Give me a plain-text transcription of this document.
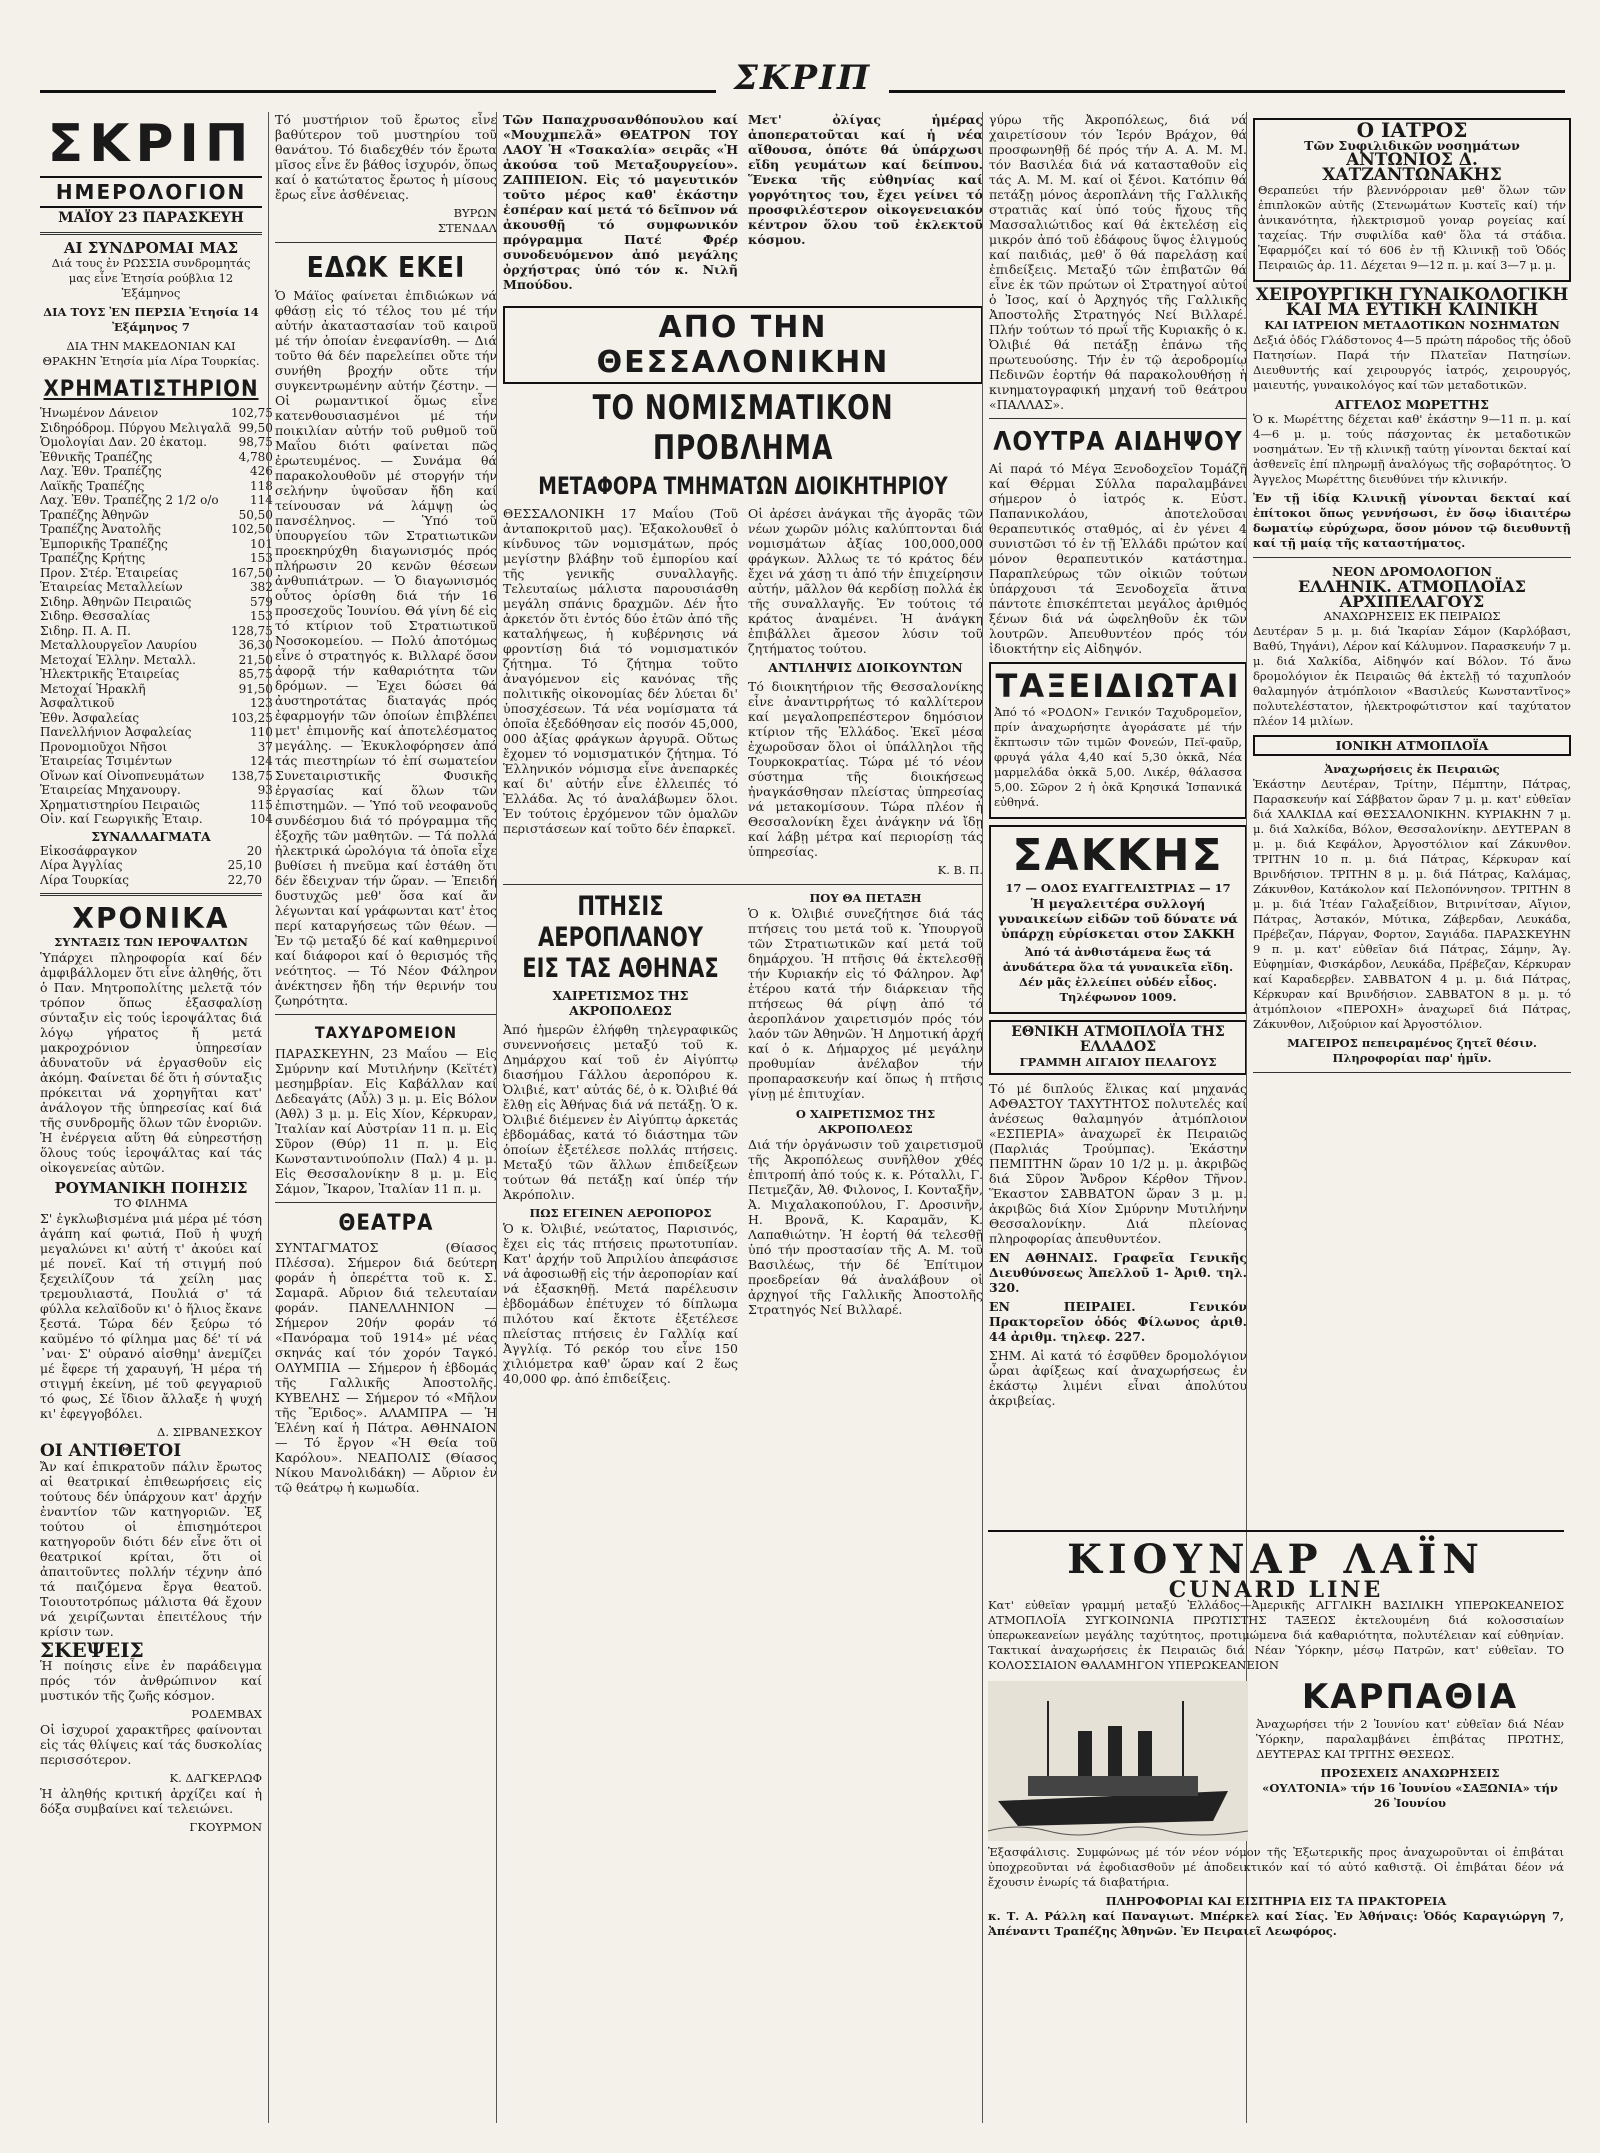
ΣΚΡΙΠ
ΣΚΡΙΠ
ΗΜΕΡΟΛΟΓΙΟΝ
ΜΑΪΟΥ 23 ΠΑΡΑΣΚΕΥΗ
ΑΙ ΣΥΝΔΡΟΜΑΙ ΜΑΣ

Διά τους ἐν ΡΩΣΣΙΑ συνδρομητάς μας εἶνε Ἐτησία ρούβλια 12 Ἐξάμηνος

ΔΙΑ ΤΟΥΣ ἘΝ ΠΕΡΣΙΑ Ἐτησία 14 Ἐξάμηνος 7

ΔΙΑ ΤΗΝ ΜΑΚΕΔΟΝΙΑΝ ΚΑΙ ΘΡΑΚΗΝ Ἐτησία μία Λίρα Τουρκίας.

ΧΡΗΜΑΤΙΣΤΗΡΙΟΝ
Ἡνωμένον Δάνειον	102,75
Σιδηρόδρομ. Πύργου Μελιγαλᾶ	99,50
Ὁμολογίαι Δαν. 20 ἑκατομ.	98,75
Ἐθνικῆς Τραπέζης	4,780
Λαχ. Ἐθν. Τραπέζης	426
Λαϊκῆς Τραπέζης	118
Λαχ. Ἐθν. Τραπέζης 2 1/2 ο/ο	114
Τραπέζης Ἀθηνῶν	50,50
Τραπέζης Ἀνατολῆς	102,50
Ἐμπορικῆς Τραπέζης	101
Τραπέζης Κρήτης	153
Προν. Στέρ. Ἑταιρείας	167,50
Ἑταιρείας Μεταλλείων	382
Σιδηρ. Ἀθηνῶν Πειραιῶς	579
Σιδηρ. Θεσσαλίας	153
Σιδηρ. Π. Α. Π.	128,75
Μεταλλουργεῖον Λαυρίου	36,30
Μετοχαί Ἑλλην. Μεταλλ.	21,50
Ἠλεκτρικῆς Ἑταιρείας	85,75
Μετοχαί Ἡρακλῆ	91,50
Ἀσφαλτικοῦ	123
Ἐθν. Ἀσφαλείας	103,25
Πανελλήνιον Ἀσφαλείας	110
Προνομιοῦχοι Νῆσοι	37
Ἑταιρείας Τσιμέντων	124
Οἴνων καί Οἰνοπνευμάτων	138,75
Ἑταιρείας Μηχανουργ.	93
Χρηματιστηρίου Πειραιῶς	115
Οἰν. καί Γεωργικῆς Ἐταιρ.	104
ΣΥΝΑΛΛΑΓΜΑΤΑ
Εἰκοσάφραγκον	20
Λίρα Ἀγγλίας	25,10
Λίρα Τουρκίας	22,70
ΧΡΟΝΙΚΑ
ΣΥΝΤΑΞΙΣ ΤΩΝ ΙΕΡΟΨΑΛΤΩΝ

Ὑπάρχει πληροφορία καί δέν ἀμφιβάλλομεν ὅτι εἶνε ἀληθής, ὅτι ὁ Παν. Μητροπολίτης μελετᾷ τόν τρόπον ὅπως ἐξασφαλίσῃ σύνταξιν εἰς τούς ἱεροψάλτας διά λόγῳ γήρατος ἤ μετά μακροχρόνιον ὑπηρεσίαν ἀδυνατοῦν νά ἐργασθοῦν εἰς ἀκόμη. Φαίνεται δέ ὅτι ἡ σύνταξις πρόκειται νά χορηγῆται κατ' ἀνάλογον τῆς ὑπηρεσίας καί διά τῆς συνδρομῆς ὅλων τῶν ἐνοριῶν. Ἡ ἐνέργεια αὕτη θά εὐηρεστήσῃ ὅλους τούς ἱεροψάλτας καί τάς οἰκογενείας αὐτῶν.

ΡΟΥΜΑΝΙΚΗ ΠΟΙΗΣΙΣ
ΤΟ ΦΙΛΗΜΑ

Σ' ἐγκλωβισμένα μιά μέρα μέ τόση ἀγάπη καί φωτιά, Ποῦ ἡ ψυχή μεγαλώνει κι' αὐτή τ' ἀκούει καί μέ πονεῖ. Καί τή στιγμή πού ξεχειλίζουν τά χείλη μας τρεμουλιαστά, Πουλιά σ' τά φύλλα κελαϊδοῦν κι' ὁ ἥλιος ἔκανε ξεστά. Τώρα δέν ξεύρω τό καϋμένο τό φίλημα μας δέ' τί νά ᾽ναι· Σ' οὐρανό αἰσθημ' ἀνεμίζει μέ ἔφερε τή χαραυγή, Ἡ μέρα τή στιγμή ἐκείνη, μέ τοῦ φεγγαριοῦ τό φως, Σέ ἴδιον ἄλλαξε ἡ ψυχή κι' ἐφεγγοβόλει.

Δ. ΣΙΡΒΑΝΕΣΚΟΥ
ΟΙ ΑΝΤΙΘΕΤΟΙ

Ἄν καί ἐπικρατοῦν πάλιν ἔρωτος αἱ θεατρικαί ἐπιθεωρήσεις εἰς τούτους δέν ὑπάρχουν κατ' ἀρχήν ἐναντίον τῶν κατηγοριῶν. Ἐξ τούτου οἱ ἐπισημότεροι κατηγοροῦν διότι δέν εἶνε ὅτι οἱ θεατρικοί κρίται, ὅτι οἱ ἀπαιτοῦντες πολλήν τέχνην ἀπό τά παιζόμενα ἔργα θεατοῦ. Τοιουτοτρόπως μάλιστα θά ἔχουν νά χειρίζωνται ἐπειτέλους τήν κρίσιν των.

ΣΚΕΨΕΙΣ

Ἡ ποίησις εἶνε ἐν παράδειγμα πρός τόν ἀνθρώπινον καί μυστικόν τῆς ζωῆς κόσμον.

ΡΟΔΕΜΒΑΧ

Οἱ ἰσχυροί χαρακτῆρες φαίνονται εἰς τάς θλίψεις καί τάς δυσκολίας περισσότερον.

Κ. ΔΑΓΚΕΡΛΩΦ

Ἡ ἀληθής κριτική ἀρχίζει καί ἡ δόξα συμβαίνει καί τελειώνει.

ΓΚΟΥΡΜΟΝ

Τό μυστήριον τοῦ ἔρωτος εἶνε βαθύτερον τοῦ μυστηρίου τοῦ θανάτου. Τό διαδεχθέν τόν ἔρωτα μῖσος εἶνε ἕν βάθος ἰσχυρόν, ὅπως καί ὁ κατώτατος ἔρωτος ἡ μίσους ἔρως εἶνε ἀσθένειας.

ΒΥΡΩΝ
ΣΤΕΝΔΑΛ
ΕΔΩΚ ΕΚΕΙ

Ὁ Μάϊος φαίνεται ἐπιδιώκων νά φθάσῃ εἰς τό τέλος του μέ τήν αὐτήν ἀκαταστασίαν τοῦ καιροῦ μέ τήν ὁποίαν ἐνεφανίσθη. — Διά τοῦτο θά δέν παρελείπει οὔτε τήν συνήθη βροχήν οὔτε τήν συγκεντρωμένην αὐτήν ζέστην. — Οἱ ρωμαντικοί ὅμως εἶνε κατενθουσιασμένοι μέ τήν ποικιλίαν αὐτήν τοῦ ρυθμοῦ τοῦ Μαΐου διότι φαίνεται πῶς ἐρωτευμένος. — Συνάμα θά παρακολουθοῦν μέ στοργήν τήν σελήνην ὑψοῦσαν ἤδη καί τείνουσαν νά λάμψῃ ὡς πανσέληνος. — Ὑπό τοῦ ὑπουργείου τῶν Στρατιωτικῶν προεκηρύχθη διαγωνισμός πρός πλήρωσιν 20 κενῶν θέσεων ἀνθυπιάτρων. — Ὁ διαγωνισμός οὗτος ὁρίσθη διά τήν 16 προσεχοῦς Ἰουνίου. Θά γίνη δέ εἰς τό κτίριον τοῦ Στρατιωτικοῦ Νοσοκομείου. — Πολύ ἀποτόμως εἶνε ὁ στρατηγός κ. Βιλλαρέ ὅσον ἀφορᾷ τήν καθαριότητα τῶν δρόμων. — Ἐχει δώσει θά ἀυστηροτάτας διαταγάς πρός ἐφαρμογήν τῶν ὁποίων ἐπιβλέπει μετ' ἐπιμονῆς καί ἀποτελέσματος μεγάλης. — Ἐκυκλοφόρησεν ἀπό τάς πιεστηρίων τό ἐπί σωματείον Συνεταιριστικῆς Φυσικῆς ἐργασίας καί ὅλων τῶν ἐπιστημῶν. — Ὑπό τοῦ νεοφανοῦς συνδέσμου διά τό πρόγραμμα τῆς ἐξοχῆς τῶν μαθητῶν. — Τά πολλά ἠλεκτρικά ὡρολόγια τά ὁποῖα εἶχε βυθίσει ἡ πνεῦμα καί ἐστάθη ὅτι δέν ἔδειχναν τήν ὥραν. — Ἐπειδή δυστυχῶς μεθ' ὅσα καί ἄν λέγωνται καί γράφωνται κατ' ἐτος περί καταργήσεως τῶν θέων. — Ἐν τῷ μεταξύ δέ καί καθημερινοί καί διάφοροι καί ὁ θερισμός τῆς νεότητος. — Τό Νέον Φάληρον ἀνέκτησεν ἤδη τήν θερινήν του ζωηρότητα.

ΤΑΧΥΔΡΟΜΕΙΟΝ

ΠΑΡΑΣΚΕΥΗΝ, 23 Μαΐου — Εἰς Σμύρνην καί Μυτιλήνην (Κεϊτέτ) μεσημβρίαν. Εἰς Καβάλλαν καί Δεδεαγάτς (Αὖλ) 3 μ. μ. Εἰς Βόλον (Ἀθλ) 3 μ. μ. Εἰς Χίον, Κέρκυραν, Ἰταλίαν καί Αὐστρίαν 11 π. μ. Εἰς Σῦρον (Θύρ) 11 π. μ. Εἰς Κωνσταντινούπολιν (Παλ) 4 μ. μ. Εἰς Θεσσαλονίκην 8 μ. μ. Εἰς Σάμον, Ἴκαρον, Ἰταλίαν 11 π. μ.

ΘΕΑΤΡΑ

ΣΥΝΤΑΓΜΑΤΟΣ (Θίασος Πλέσσα). Σήμερον διά δεύτερη φοράν ἡ ὀπερέττα τοῦ κ. Σ. Σαμαρᾶ. Αὔριον διά τελευταίαν φοράν. ΠΑΝΕΛΛΗΝΙΟΝ — Σήμερον 20ήν φοράν τό «Πανόραμα τοῦ 1914» μέ νέας σκηνάς καί τόν χορόν Ταγκό. ΟΛΥΜΠΙΑ — Σήμερον ἡ ἑβδομάς τῆς Γαλλικῆς Ἀποστολῆς. ΚΥΒΕΛΗΣ — Σήμερον τό «Μῆλον τῆς Ἔριδος». ΑΛΑΜΠΡΑ — Ἡ Ἑλένη καί ἡ Πάτρα. ΑΘΗΝΑΙΟΝ — Τό ἔργον «Ἡ Θεία τοῦ Καρόλου». ΝΕΑΠΟΛΙΣ (Θίασος Νίκου Μανολιδάκη) — Αὔριον ἐν τῷ θεάτρῳ ἡ κωμωδία.

Τῶν Παπαχρυσανθόπουλου καί «Μουχμπελᾶ» ΘΕΑΤΡΟΝ ΤΟΥ ΛΑΟΥ Ἡ «Τσακαλία» σειρᾶς «Ἡ ἀκούσα τοῦ Μεταξουργείου». ΖΑΠΠΕΙΟΝ. Εἰς τό μαγευτικόν τοῦτο μέρος καθ' ἑκάστην ἑσπέραν καί μετά τό δεῖπνον νά ἀκουσθῇ τό συμφωνικόν πρόγραμμα Πατέ Φρέρ συνοδευόμενον ἀπό μεγάλης ὀρχήστρας ὑπό τόν κ. Νιλῆ Μπούδου.

Μετ' ὀλίγας ἡμέρας ἀποπερατοῦται καί ἡ νέα αἴθουσα, ὁπότε θά ὑπάρχωσι εἴδη γευμάτων καί δείπνου. Ἕνεκα τῆς εὐθηνίας καί γοργότητος του, ἔχει γείνει τό προσφιλέστερον οἰκογενειακόν κέντρον ὅλου τοῦ ἐκλεκτοῦ κόσμου.

ΑΠΟ ΤΗΝ ΘΕΣΣΑΛΟΝΙΚΗΝ
ΤΟ ΝΟΜΙΣΜΑΤΙΚΟΝ ΠΡΟΒΛΗΜΑ
ΜΕΤΑΦΟΡΑ ΤΜΗΜΑΤΩΝ ΔΙΟΙΚΗΤΗΡΙΟΥ

ΘΕΣΣΑΛΟΝΙΚΗ 17 Μαΐου (Τοῦ ἀνταποκριτοῦ μας). Ἐξακολουθεῖ ὁ κίνδυνος τῶν νομισμάτων, πρός μεγίστην βλάβην τοῦ ἐμπορίου καί τῆς γενικῆς συναλλαγῆς. Τελευταίως μάλιστα παρουσιάσθη μεγάλη σπάνις δραχμῶν. Δέν ἦτο ἀρκετόν ὅτι ἐντός δύο ἐτῶν ἀπό τῆς καταλήψεως, ἡ κυβέρνησις νά φροντίσῃ διά τό νομισματικόν ζήτημα. Τό ζήτημα τοῦτο ἀναγόμενον εἰς κανόνας τῆς πολιτικῆς οἰκονομίας δέν λύεται δι' ὑποσχέσεων. Τά νέα νομίσματα τά ὁποῖα ἐξεδόθησαν εἰς ποσόν 45,000, 000 ἀξίας φράγκων ἀργυρᾶ. Οὕτως ἔχομεν τό νομισματικόν ζήτημα. Τό Ἑλληνικόν νόμισμα εἶνε ἀνεπαρκές καί δι' αὐτήν εἶνε ἐλλειπές τό Ἐλλάδα. Ἀς τό ἀναλάβωμεν ὅλοι. Ἐν τούτοις ἐρχόμενον τῶν ὁμαλῶν περιστάσεων καί τοῦτο δέν ἐπαρκεῖ.

Οἱ ἀρέσει ἀνάγκαι τῆς ἀγορᾶς τῶν νέων χωρῶν μόλις καλύπτονται διά νομισμάτων ἀξίας 100,000,000 φράγκων. Ἀλλως τε τό κράτος δέν ἔχει νά χάσῃ τι ἀπό τήν ἐπιχείρησιν αὐτήν, μᾶλλον θά κερδίσῃ πολλά ἐκ τῆς συναλλαγῆς. Ἐν τούτοις τό κράτος ἀναμένει. Ἡ ἀνάγκη ἐπιβάλλει ἄμεσον λύσιν τοῦ ζητήματος τούτου.

ΑΝΤΙΛΗΨΙΣ ΔΙΟΙΚΟΥΝΤΩΝ

Τό διοικητήριον τῆς Θεσσαλονίκης εἶνε ἀναντιρρήτως τό καλλίτερον καί μεγαλοπρεπέστερον δημόσιον κτίριον τῆς Ἑλλάδος. Ἐκεῖ μέσα ἐχωροῦσαν ὅλοι οἱ ὑπάλληλοι τῆς Τουρκοκρατίας. Τώρα μέ τό νέον σύστημα τῆς διοικήσεως ἠναγκάσθησαν πλείστας ὑπηρεσίας νά μετακομίσουν. Τώρα πλέον ἡ Θεσσαλονίκη ἔχει ἀνάγκην νά ἴδῃ καί λάβῃ μέτρα καί περιορίσῃ τάς ὑπηρεσίας.

Κ. Β. Π.
ΠΤΗΣΙΣ ΑΕΡΟΠΛΑΝΟΥ
ΕΙΣ ΤΑΣ ΑΘΗΝΑΣ
ΧΑΙΡΕΤΙΣΜΟΣ ΤΗΣ ΑΚΡΟΠΟΛΕΩΣ

Ἀπό ἡμερῶν ἐλήφθη τηλεγραφικῶς συνεννοήσεις μεταξύ τοῦ κ. Δημάρχου καί τοῦ ἐν Αἰγύπτῳ διασήμου Γάλλου ἀεροπόρου κ. Ὀλιβιέ, κατ' αὐτάς δέ, ὁ κ. Ὀλιβιέ θά ἔλθῃ εἰς Ἀθήνας διά νά πετάξῃ. Ὁ κ. Ὀλιβιέ διέμενεν ἐν Αἰγύπτῳ ἀρκετάς ἑβδομάδας, κατά τό διάστημα τῶν ὁποίων ἐξετέλεσε πολλάς πτήσεις. Μεταξύ τῶν ἄλλων ἐπιδείξεων τούτων θά πετάξῃ καί ὑπέρ τήν Ἀκρόπολιν.

ΠΩΣ ΕΓΕΙΝΕΝ ΑΕΡΟΠΟΡΟΣ

Ὁ κ. Ὀλιβιέ, νεώτατος, Παρισινός, ἔχει εἰς τάς πτήσεις πρωτοτυπίαν. Κατ' ἀρχήν τοῦ Ἀπριλίου ἀπεφάσισε νά ἀφοσιωθῇ εἰς τήν ἀεροπορίαν καί νά ἐξασκηθῇ. Μετά παρέλευσιν ἑβδομάδων ἐπέτυχεν τό δίπλωμα πιλότου καί ἔκτοτε ἐξετέλεσε πλείστας πτήσεις ἐν Γαλλίᾳ καί Ἀγγλίᾳ. Τό ρεκόρ του εἶνε 150 χιλιόμετρα καθ' ὥραν καί 2 ἕως 40,000 φρ. ἀπό ἐπιδείξεις.

ΠΟΥ ΘΑ ΠΕΤΑΞΗ

Ὁ κ. Ὀλιβιέ συνεζήτησε διά τάς πτήσεις του μετά τοῦ κ. Ὑπουργοῦ τῶν Στρατιωτικῶν καί μετά τοῦ δημάρχου. Ἡ πτῆσις θά ἐκτελεσθῇ τήν Κυριακήν εἰς τό Φάληρον. Ἀφ' ἑτέρου κατά τήν διάρκειαν τῆς πτήσεως θά ρίψῃ ἀπό τό ἀεροπλάνον χαιρετισμόν πρός τόν λαόν τῶν Ἀθηνῶν. Ἡ Δημοτική ἀρχή καί ὁ κ. Δήμαρχος μέ μεγάλην προθυμίαν ἀνέλαβον τήν προπαρασκευήν καί ὅπως ἡ πτῆσις γίνῃ μέ ἐπιτυχίαν.

Ο ΧΑΙΡΕΤΙΣΜΟΣ ΤΗΣ ΑΚΡΟΠΟΛΕΩΣ

Διά τήν ὀργάνωσιν τοῦ χαιρετισμοῦ τῆς Ἀκροπόλεως συνῆλθον χθές ἐπιτροπή ἀπό τούς κ. κ. Ρόταλλι, Γ. Πετμεζᾶν, Ἀθ. Φιλονος, Ι. Κονταξῆν, Ἀ. Μιχαλακοπούλου, Γ. Δροσινῆν, Η. Βρονᾶ, Κ. Καραμᾶν, Κ. Λαπαθιώτην. Ἡ ἑορτή θά τελεσθῇ ὑπό τήν προστασίαν τῆς Α. Μ. τοῦ Βασιλέως, τήν δέ Ἐπίτιμον προεδρείαν θά ἀναλάβουν οἱ ἀρχηγοί τῆς Γαλλικῆς Ἀποστολῆς Στρατηγός Νεί Βιλλαρέ.

γύρω τῆς Ἀκροπόλεως, διά νά χαιρετίσουν τόν Ἱερόν Βράχον, θά προσφωνηθῇ δέ πρός τήν Α. Α. Μ. Μ. τόν Βασιλέα διά νά κατασταθοῦν εἰς τάς Α. Μ. Μ. καί οἱ ξένοι. Κατόπιν θά πετάξῃ μόνος ἀεροπλάνη τῆς Γαλλικῆς στρατιᾶς καί ὑπό τούς ἤχους τῆς Μασσαλιώτιδος καί θά ἐκτελέσῃ εἰς μικρόν ἀπό τοῦ ἐδάφους ὕψος ἑλιγμούς καί παιδιάς, μεθ' ὅ θά παρελάσῃ καί ἐπιδείξεις. Μεταξύ τῶν ἐπιβατῶν θά εἶνε ἐκ τῶν πρώτων οἱ Στρατηγοί αὐτοί ὁ Ἰσος, καί ὁ Ἀρχηγός τῆς Γαλλικῆς Ἀποστολῆς Στρατηγός Νεί Βιλλαρέ. Πλήν τούτων τό πρωΐ τῆς Κυριακῆς ὁ κ. Ὀλιβιέ θά πετάξῃ ἐπάνω τῆς πρωτευούσης. Τήν ἐν τῷ ἀεροδρομίῳ Πεδινῶν ἑορτήν θά παρακολουθήσῃ ἡ κινηματογραφική μηχανή τοῦ θεάτρου «ΠΑΛΛΑΣ».

ΛΟΥΤΡΑ ΑΙΔΗΨΟΥ

Αἱ παρά τό Μέγα Ξενοδοχεῖον Τομάζῆ καί Θέρμαι Σύλλα παραλαμβάνει σήμερον ὁ ἰατρός κ. Εὐστ. Παπανικολάου, ἀποτελοῦσαι θεραπευτικός σταθμός, αἱ ἐν γένει 4 συνιστῶσι τό ἐν τῇ Ἑλλάδι πρώτον καί μόνον θεραπευτικόν κατάστημα. Παραπλεύρως τῶν οἰκιῶν τούτων ὑπάρχουσι τά Ξενοδοχεῖα ἅτινα πάντοτε ἐπισκέπτεται μεγάλος ἀριθμός ξένων διά νά ὠφεληθοῦν ἐκ τῶν λουτρῶν. Ἀπευθυντέον πρός τόν ἰδιοκτήτην εἰς Αἰδηψόν.

ΤΑΞΕΙΔΙΩΤΑΙ

Ἀπό τό «ΡΟΔΟΝ» Γενικόν Ταχυδρομεῖον, πρίν ἀναχωρήσητε ἀγοράσατε μέ τήν ἔκπτωσιν τῶν τιμῶν Φονεών, Πεϊ-φαῦρ, φρυγά γάλα 4,40 καί 5,30 ὀκκᾶ, Νέα μαρμελάδα ὀκκᾶ 5,00. Λικέρ, θάλασσα 5,00. Σῶρον 2 ἡ ὀκᾶ Κρησικά Ἰσπανικά εὐθηνά.

ΣΑΚΚΗΣ
17 — ΟΔΟΣ ΕΥΑΓΓΕΛΙΣΤΡΙΑΣ — 17

Ἡ μεγαλειτέρα συλλογή γυναικείων εἰδῶν τοῦ δύνατε νά ὑπάρχῃ εὑρίσκεται στον ΣΑΚΚΗ

Ἀπό τά ἀνθιστάμενα ἕως τά ἀνυδάτερα ὅλα τά γυναικεῖα εἴδη. Δέν μᾶς ἐλλείπει οὐδέν εἶδος. Τηλέφωνον 1009.

ΕΘΝΙΚΗ ΑΤΜΟΠΛΟΪΑ ΤΗΣ ΕΛΛΑΔΟΣ
ΓΡΑΜΜΗ ΑΙΓΑΙΟΥ ΠΕΛΑΓΟΥΣ

Τό μέ διπλούς ἕλικας καί μηχανάς ΑΦΘΑΣΤΟΥ ΤΑΧΥΤΗΤΟΣ πολυτελές καί ἀνέσεως θαλαμηγόν ἀτμόπλοιον «ΕΣΠΕΡΙΑ» ἀναχωρεῖ ἐκ Πειραιῶς (Παρλιάς Τρούμπας). Ἑκάστην ΠΕΜΠΤΗΝ ὥραν 10 1/2 μ. μ. ἀκριβῶς διά Σῦρον Ἄνδρον Κέρθον Τῆνον. Ἕκαστον ΣΑΒΒΑΤΟΝ ὥραν 3 μ. μ. ἀκριβῶς διά Χίον Σμύρνην Μυτιλήνην Θεσσαλονίκην. Διά πλείονας πληροφορίας ἀπευθυντέον.

ΕΝ ΑΘΗΝΑΙΣ. Γραφεῖα Γενικῆς Διευθύνσεως Ἀπελλοῦ 1- Ἀριθ. τηλ. 320.

ΕΝ ΠΕΙΡΑΙΕΙ. Γενικόν Πρακτορεῖον ὁδός Φίλωνος ἀριθ. 44 ἀριθμ. τηλεφ. 227.

ΣΗΜ. Αἱ κατά τό ἐσφῦθεν δρομολόγιον ὧραι ἀφίξεως καί ἀναχωρήσεως ἐν ἑκάστῳ λιμένι εἶναι ἀπολύτου ἀκριβείας.

Ο ΙΑΤΡΟΣ
Τῶν Συφιλιδικῶν νοσημάτων
ΑΝΤΩΝΙΟΣ Δ. ΧΑΤΖΑΝΤΩΝΑΚΗΣ

Θεραπεύει τήν βλεννόρροιαν μεθ' ὅλων τῶν ἐπιπλοκῶν αὐτῆς (Στενωμάτων Κυστεῖς καί) τήν ἀνικανότητα, ἠλεκτρισμοῦ γοναρ ρογείας καί ταχείας. Τήν συφιλίδα καθ' ὅλα τά στάδια. Ἐφαρμόζει καί τό 606 ἐν τῇ Κλινικῇ τοῦ Ὁδός Πειραιῶς ἀρ. 11. Δέχεται 9—12 π. μ. καί 3—7 μ. μ.

ΧΕΙΡΟΥΡΓΙΚΗ ΓΥΝΑΙΚΟΛΟΓΙΚΗ ΚΑΙ ΜΑ ΕΥΤΙΚΗ ΚΛΙΝΙΚΗ
ΚΑΙ ΙΑΤΡΕΙΟΝ ΜΕΤΑΔΟΤΙΚΩΝ ΝΟΣΗΜΑΤΩΝ

Δεξιά ὁδός Γλάδστονος 4—5 πρώτη πάροδος τῆς ὁδοῦ Πατησίων. Παρά τήν Πλατεῖαν Πατησίων. Διευθυντής καί χειρουργός ἰατρός, χειρουργός, μαιευτής, γυναικολόγος καί τῶν μεταδοτικῶν.

ΑΓΓΕΛΟΣ ΜΩΡΕΤΤΗΣ

Ὁ κ. Μωρέττης δέχεται καθ' ἑκάστην 9—11 π. μ. καί 4—6 μ. μ. τούς πάσχοντας ἐκ μεταδοτικῶν νοσημάτων. Ἐν τῇ κλινικῇ ταύτῃ γίνονται δεκταί καί ἀσθενεῖς ἐπί πληρωμῇ ἀναλόγως τῆς σοβαρότητος. Ὁ Ἀγγελος Μωρέττης διευθύνει τήν κλινικήν.

Ἐν τῇ ἰδίᾳ Κλινικῇ γίνονται δεκταί καί ἐπίτοκοι ὅπως γεννήσωσι, ἐν ὅσῳ ἰδιαιτέρω δωματίῳ εὐρύχωρα, ὅσον μόνον τῷ διευθυντῇ καί τῇ μαίᾳ τῆς καταστήματος.

ΝΕΟΝ ΔΡΟΜΟΛΟΓΙΟΝ
ΕΛΛΗΝΙΚ. ΑΤΜΟΠΛΟΪΑΣ
ΑΡΧΙΠΕΛΑΓΟΥΣ
ΑΝΑΧΩΡΗΣΕΙΣ ΕΚ ΠΕΙΡΑΙΩΣ

Δευτέραν 5 μ. μ. διά Ἰκαρίαν Σάμον (Καρλόβασι, Βαθύ, Τηγάνι), Λέρον καί Κάλυμνον. Παρασκευήν 7 μ. μ. διά Χαλκίδα, Αἰδηψόν καί Βόλον. Τό ἄνω δρομολόγιον ἐκ Πειραιῶς θά ἐκτελῇ τό ταχυπλοόν θαλαμηγόν ἀτμόπλοιον «Βασιλεύς Κωνσταντῖνος» πολυτελέστατον, ἠλεκτροφώτιστον καί ταχύτατον πλέον 14 μιλίων.

ΙΟΝΙΚΗ ΑΤΜΟΠΛΟΪΑ
Ἀναχωρήσεις ἐκ Πειραιῶς

Ἑκάστην Δευτέραν, Τρίτην, Πέμπτην, Πάτρας, Παρασκευήν καί Σάββατον ὥραν 7 μ. μ. κατ' εὐθεῖαν διά ΧΑΛΚΙΔΑ καί ΘΕΣΣΑΛΟΝΙΚΗΝ. ΚΥΡΙΑΚΗΝ 7 μ. μ. διά Χαλκίδα, Βόλον, Θεσσαλονίκην. ΔΕΥΤΕΡΑΝ 8 μ. μ. διά Κεφάλον, Ἀργοστόλιον καί Ζάκυνθον. ΤΡΙΤΗΝ 10 π. μ. διά Πάτρας, Κέρκυραν καί Βρινδήσιον. ΤΡΙΤΗΝ 8 μ. μ. διά Πάτρας, Καλάμας, Ζάκυνθον, Κατάκολον καί Πελοπόννησον. ΤΡΙΤΗΝ 8 μ. μ. διά Ἰτέαν Γαλαξείδιον, Βιτρινίτσαν, Αἴγιον, Πάτρας, Ἀστακόν, Μύτικα, Ζάβερδαν, Λευκάδα, Πρέβεζαν, Πάργαν, Φορτον, Σαγιάδα. ΠΑΡΑΣΚΕΥΗΝ 9 π. μ. κατ' εὐθεῖαν διά Πάτρας, Σάμην, Ἁγ. Εὐφημίαν, Φισκάρδον, Λευκάδα, Πρέβεζαν, Κέρκυραν καί Καραδερβεν. ΣΑΒΒΑΤΟΝ 4 μ. μ. διά Πάτρας, Κέρκυραν καί Βρινδήσιον. ΣΑΒΒΑΤΟΝ 8 μ. μ. τό ἀτμόπλοιον «ΠΕΡΟΧΗ» ἀναχωρεῖ διά Πάτρας, Ζάκυνθον, Λιξούριον καί Ἀργοστόλιον.

ΜΑΓΕΙΡΟΣ πεπειραμένος ζητεῖ θέσιν. Πληροφορίαι παρ' ἡμῖν.

ΚΙΟΥΝΑΡ ΛΑΪΝ
CUNARD LINE

Κατ' εὐθεῖαν γραμμή μεταξύ Ἑλλάδος—Ἀμερικῆς ΑΓΓΛΙΚΗ ΒΑΣΙΛΙΚΗ ΥΠΕΡΩΚΕΑΝΕΙΟΣ ΑΤΜΟΠΛΟΪΑ ΣΥΓΚΟΙΝΩΝΙΑ ΠΡΩΤΙΣΤΗΣ ΤΑΞΕΩΣ ἐκτελουμένη διά κολοσσιαίων ὑπερωκεανείων μεγάλης ταχύτητος, προτιμώμενα διά καθαριότητα, πολυτέλειαν καί εὐθηνίαν. Τακτικαί ἀναχωρήσεις ἐκ Πειραιῶς διά Νέαν Ὑόρκην, μέσῳ Πατρῶν, κατ' εὐθεῖαν. ΤΟ ΚΟΛΟΣΣΙΑΙΟΝ ΘΑΛΑΜΗΓΟΝ ΥΠΕΡΩΚΕΑΝΕΙΟΝ

ΚΑΡΠΑΘΙΑ

Ἀναχωρήσει τήν 2 Ἰουνίου κατ' εὐθεῖαν διά Νέαν Ὑόρκην, παραλαμβάνει ἐπιβάτας ΠΡΩΤΗΣ, ΔΕΥΤΕΡΑΣ ΚΑΙ ΤΡΙΤΗΣ ΘΕΣΕΩΣ.

ΠΡΟΣΕΧΕΙΣ ΑΝΑΧΩΡΗΣΕΙΣ

«ΟΥΛΤΟΝΙΑ» τήν 16 Ἰουνίου «ΣΑΞΩΝΙΑ» τήν 26 Ἰουνίου

Ἐξασφάλισις. Συμφώνως μέ τόν νέον νόμον τῆς Ἐξωτερικῆς προς ἀναχωροῦνται οἱ ἐπιβάται ὑποχρεοῦνται νά ἐφοδιασθοῦν μέ ἀποδεικτικόν καί τό αὐτό καθιστᾷ. Οἱ ἐπιβάται δέον νά ἔχουσιν ἐνωρίς τά διαβατήρια.

ΠΛΗΡΟΦΟΡΙΑΙ ΚΑΙ ΕΙΣΙΤΗΡΙΑ ΕΙΣ ΤΑ ΠΡΑΚΤΟΡΕΙΑ

κ. Τ. Α. Ράλλη καί Παναγιωτ. Μπέρκελ καί Σίας. Ἐν Ἀθήναις: Ὁδός Καραγιώργη 7, Ἀπέναντι Τραπέζης Ἀθηνῶν. Ἐν Πειραιεῖ Λεωφόρος.
